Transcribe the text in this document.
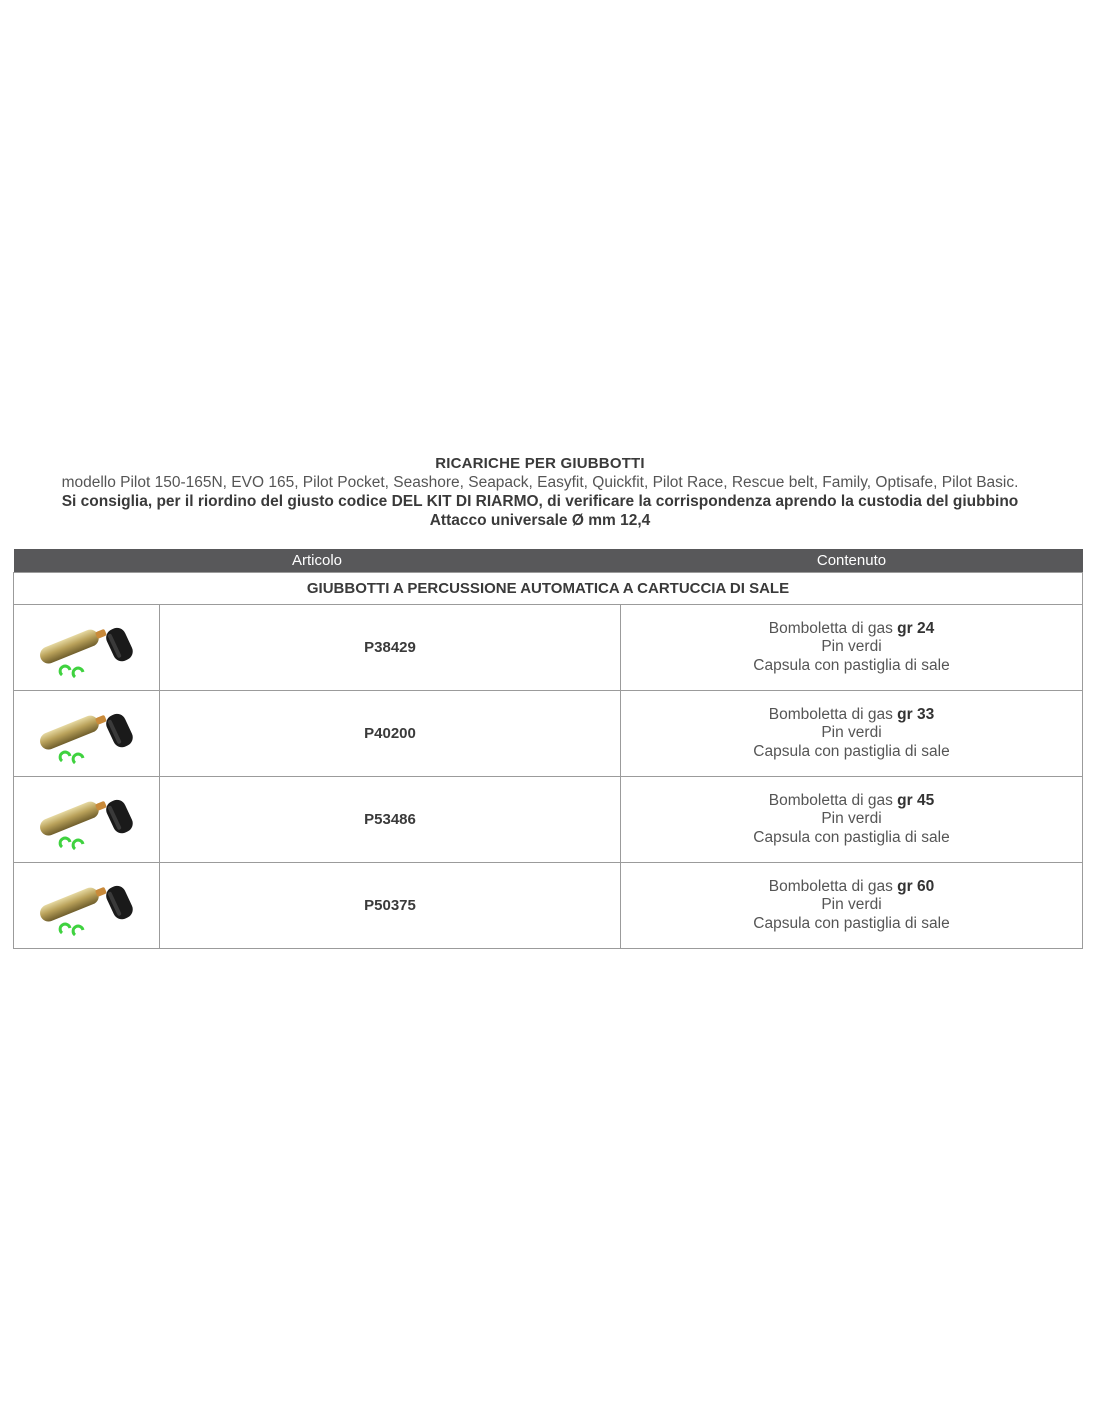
RICARICHE PER GIUBBOTTI
modello Pilot 150-165N, EVO 165, Pilot Pocket, Seashore, Seapack, Easyfit, Quickfit, Pilot Race, Rescue belt, Family, Optisafe, Pilot Basic.
Si consiglia, per il riordino del giusto codice DEL KIT DI RIARMO, di verificare la corrispondenza aprendo la custodia del giubbino
Attacco universale Ø mm 12,4
Articolo		Contenuto
GIUBBOTTI A PERCUSSIONE AUTOMATICA A CARTUCCIA DI SALE		

	P38429	Bomboletta di gas gr 24
Pin verdi
Capsula con pastiglia di sale

	P40200	Bomboletta di gas gr 33
Pin verdi
Capsula con pastiglia di sale

	P53486	Bomboletta di gas gr 45
Pin verdi
Capsula con pastiglia di sale

	P50375	Bomboletta di gas gr 60
Pin verdi
Capsula con pastiglia di sale
